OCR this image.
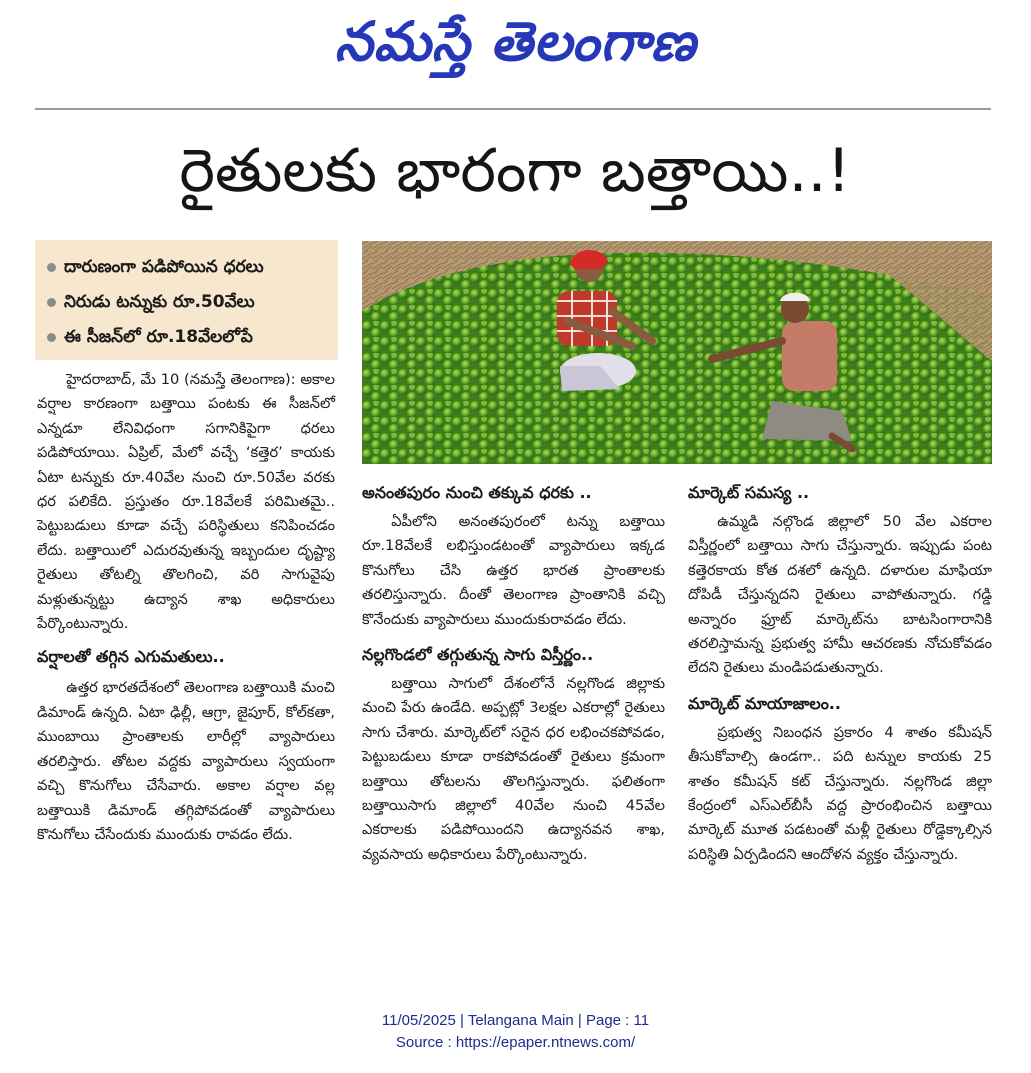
నమస్తే తెలంగాణ
రైతులకు భారంగా బత్తాయి..!
దారుణంగా పడిపోయిన ధరలు
నిరుడు టన్నుకు రూ.50వేలు
ఈ సీజన్‌లో రూ.18వేలలోపే

హైదరాబాద్‌, మే 10 (నమస్తే తెలంగాణ): అకాల వర్షాల కారణంగా బత్తాయి పంటకు ఈ సీజన్‌లో ఎన్నడూ లేనివిధంగా సగానికిపైగా ధరలు పడిపోయాయి. ఏప్రిల్‌, మేలో వచ్చే ‘కత్తెర’ కాయకు ఏటా టన్నుకు రూ.40వేల నుంచి రూ.50వేల వరకు ధర పలికేది. ప్రస్తుతం రూ.18వేలకే పరిమితమై.. పెట్టుబడులు కూడా వచ్చే పరిస్థితులు కనిపించడం లేదు. బత్తాయిలో ఎదురవుతున్న ఇబ్బందుల దృష్ట్యా రైతులు తోటల్ని తొలగించి, వరి సాగువైపు మళ్లుతున్నట్టు ఉద్యాన శాఖ అధికారులు పేర్కొంటున్నారు.

వర్షాలతో తగ్గిన ఎగుమతులు..

ఉత్తర భారతదేశంలో తెలంగాణ బత్తాయికి మంచి డిమాండ్‌ ఉన్నది. ఏటా ఢిల్లీ, ఆగ్రా, జైపూర్‌, కోల్‌కతా, ముంబాయి ప్రాంతాలకు లారీల్లో వ్యాపారులు తరలిస్తారు. తోటల వద్దకు వ్యాపారులు స్వయంగా వచ్చి కొనుగోలు చేసేవారు. అకాల వర్షాల వల్ల బత్తాయికి డిమాండ్‌ తగ్గిపోవడంతో వ్యాపారులు కొనుగోలు చేసేందుకు ముందుకు రావడం లేదు.

అనంతపురం నుంచి తక్కువ ధరకు ..

ఏపీలోని అనంతపురంలో టన్ను బత్తాయి రూ.18వేలకే లభిస్తుండటంతో వ్యాపారులు ఇక్కడ కొనుగోలు చేసి ఉత్తర భారత ప్రాంతాలకు తరలిస్తున్నారు. దీంతో తెలంగాణ ప్రాంతానికి వచ్చి కొనేందుకు వ్యాపారులు ముందుకురావడం లేదు.

నల్లగొండలో తగ్గుతున్న సాగు విస్తీర్ణం..

బత్తాయి సాగులో దేశంలోనే నల్లగొండ జిల్లాకు మంచి పేరు ఉండేది. అప్పట్లో 3లక్షల ఎకరాల్లో రైతులు సాగు చేశారు. మార్కెట్‌లో సరైన ధర లభించకపోవడం, పెట్టుబడులు కూడా రాకపోవడంతో రైతులు క్రమంగా బత్తాయి తోటలను తొలగిస్తున్నారు. ఫలితంగా బత్తాయిసాగు జిల్లాలో 40వేల నుంచి 45వేల ఎకరాలకు పడిపోయిందని ఉద్యానవన శాఖ, వ్యవసాయ అధికారులు పేర్కొంటున్నారు.

మార్కెట్‌ సమస్య ..

ఉమ్మడి నల్గొండ జిల్లాలో 50 వేల ఎకరాల విస్తీర్ణంలో బత్తాయి సాగు చేస్తున్నారు. ఇప్పుడు పంట కత్తెరకాయ కోత దశలో ఉన్నది. దళారుల మాఫియా దోపిడీ చేస్తున్నదని రైతులు వాపోతున్నారు. గడ్డి అన్నారం ఫ్రూట్‌ మార్కెట్‌ను బాటసింగారానికి తరలిస్తామన్న ప్రభుత్వ హామీ ఆచరణకు నోచుకోవడం లేదని రైతులు మండిపడుతున్నారు.

మార్కెట్‌ మాయాజాలం..

ప్రభుత్వ నిబంధన ప్రకారం 4 శాతం కమీషన్‌ తీసుకోవాల్సి ఉండగా.. పది టన్నుల కాయకు 25 శాతం కమీషన్‌ కట్‌ చేస్తున్నారు. నల్లగొండ జిల్లా కేంద్రంలో ఎస్‌ఎల్‌బీసీ వద్ద ప్రారంభించిన బత్తాయి మార్కెట్‌ మూత పడటంతో మళ్లీ రైతులు రోడ్డెక్కాల్సిన పరిస్థితి ఏర్పడిందని ఆందోళన వ్యక్తం చేస్తున్నారు.

11/05/2025 | Telangana Main | Page : 11
Source : https://epaper.ntnews.com/
